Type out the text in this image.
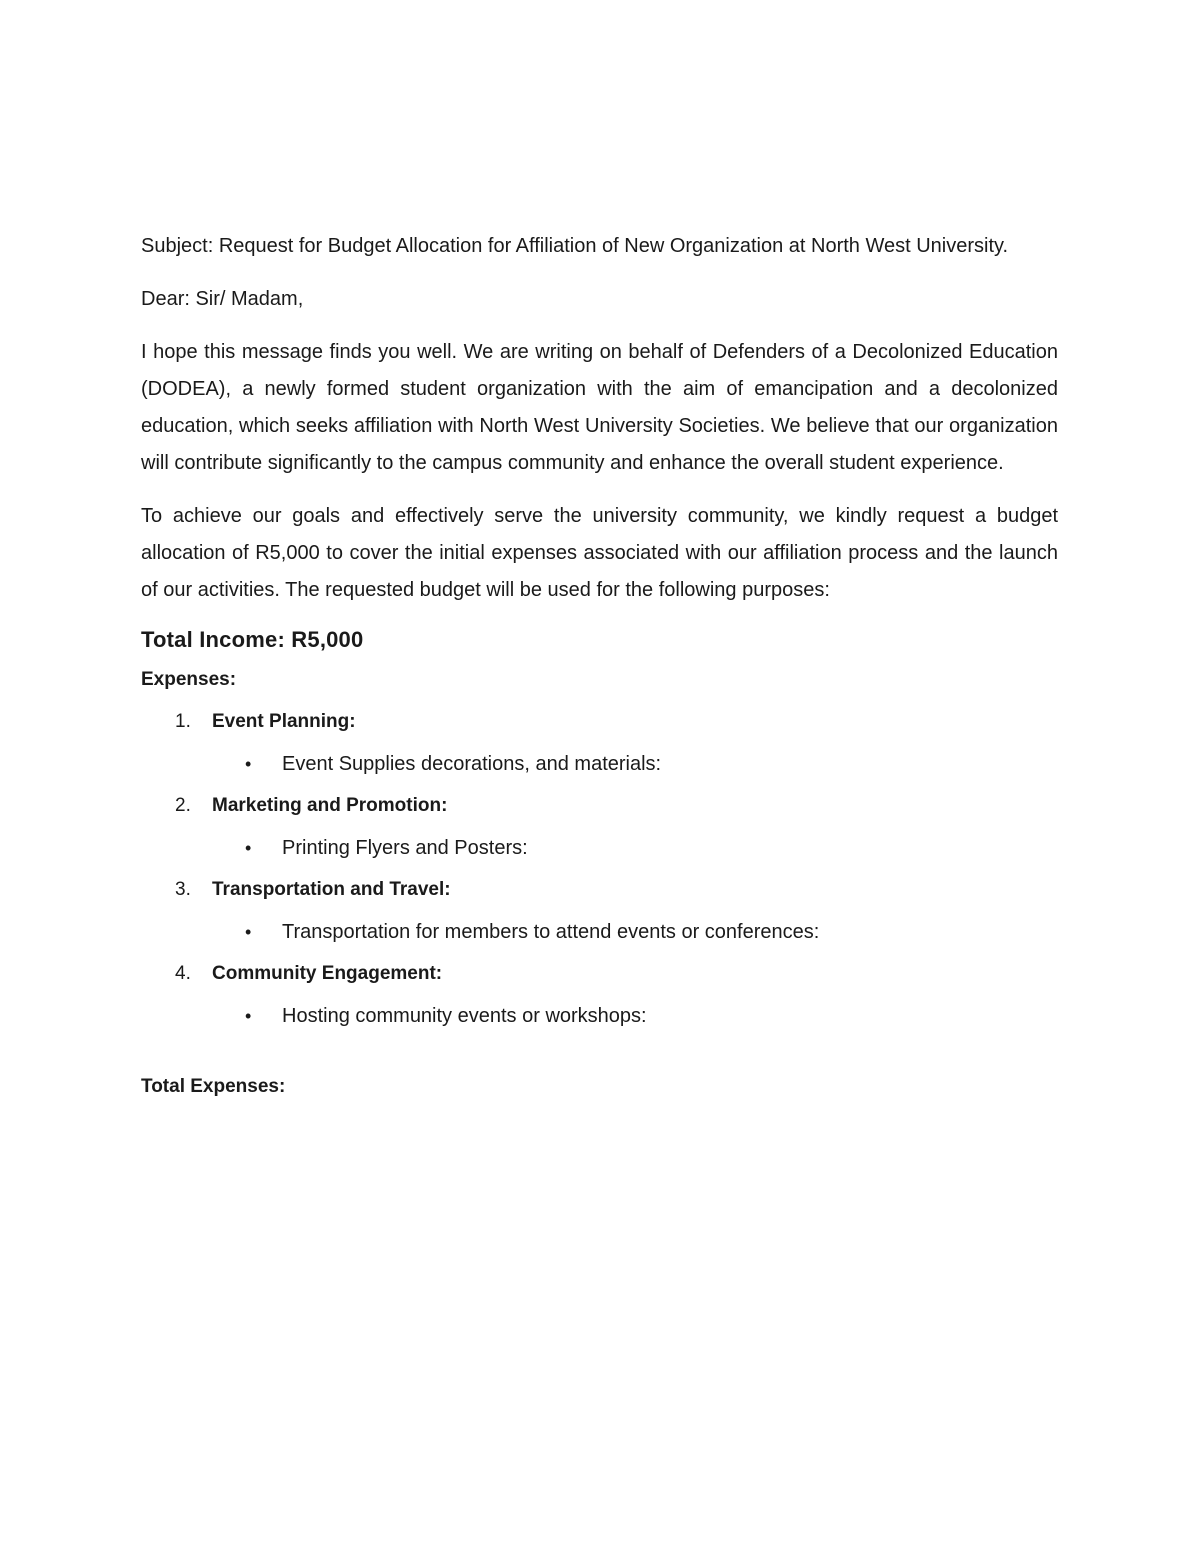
Subject: Request for Budget Allocation for Affiliation of New Organization at North West University.

Dear: Sir/ Madam,

I hope this message finds you well. We are writing on behalf of Defenders of a Decolonized Education (DODEA), a newly formed student organization with the aim of emancipation and a decolonized education, which seeks affiliation with North West University Societies. We believe that our organization will contribute significantly to the campus community and enhance the overall student experience.

To achieve our goals and effectively serve the university community, we kindly request a budget allocation of R5,000 to cover the initial expenses associated with our affiliation process and the launch of our activities. The requested budget will be used for the following purposes:

Total Income: R5,000
Expenses:
1. Event Planning:
• Event Supplies decorations, and materials:
2. Marketing and Promotion:
• Printing Flyers and Posters:
3. Transportation and Travel:
• Transportation for members to attend events or conferences:
4. Community Engagement:
• Hosting community events or workshops:
Total Expenses:
